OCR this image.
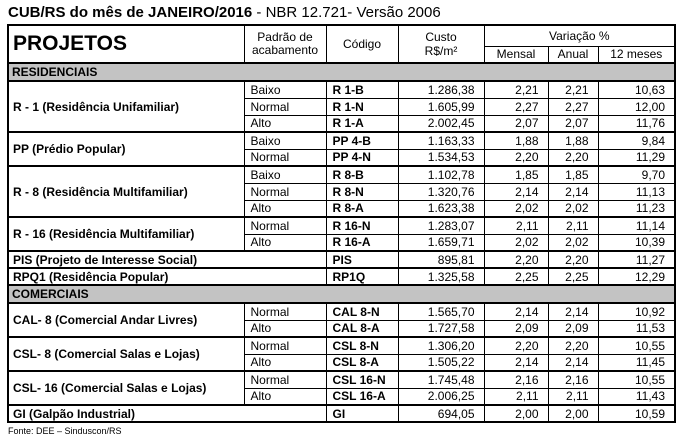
CUB/RS do mês de JANEIRO/2016 - NBR 12.721- Versão 2006
PROJETOS	Padrão de acabamento	Código	Custo
R$/m²	Variação %		
				Mensal	Anual	12 meses
RESIDENCIAIS						
R - 1 (Residência Unifamiliar)	Baixo	R 1-B	1.286,38	2,21	2,21	10,63
	Normal	R 1-N	1.605,99	2,27	2,27	12,00
	Alto	R 1-A	2.002,45	2,07	2,07	11,76
PP (Prédio Popular)	Baixo	PP 4-B	1.163,33	1,88	1,88	9,84
	Normal	PP 4-N	1.534,53	2,20	2,20	11,29
R - 8 (Residência Multifamiliar)	Baixo	R 8-B	1.102,78	1,85	1,85	9,70
	Normal	R 8-N	1.320,76	2,14	2,14	11,13
	Alto	R 8-A	1.623,38	2,02	2,02	11,23
R - 16 (Residência Multifamiliar)	Normal	R 16-N	1.283,07	2,11	2,11	11,14
	Alto	R 16-A	1.659,71	2,02	2,02	10,39
PIS (Projeto de Interesse Social)		PIS	895,81	2,20	2,20	11,27
RPQ1 (Residência Popular)		RP1Q	1.325,58	2,25	2,25	12,29
COMERCIAIS						
CAL- 8 (Comercial Andar Livres)	Normal	CAL 8-N	1.565,70	2,14	2,14	10,92
	Alto	CAL 8-A	1.727,58	2,09	2,09	11,53
CSL- 8 (Comercial Salas e Lojas)	Normal	CSL 8-N	1.306,20	2,20	2,20	10,55
	Alto	CSL 8-A	1.505,22	2,14	2,14	11,45
CSL- 16 (Comercial Salas e Lojas)	Normal	CSL 16-N	1.745,48	2,16	2,16	10,55
	Alto	CSL 16-A	2.006,25	2,11	2,11	11,43
GI (Galpão Industrial)		GI	694,05	2,00	2,00	10,59
Fonte: DEE – Sinduscon/RS
